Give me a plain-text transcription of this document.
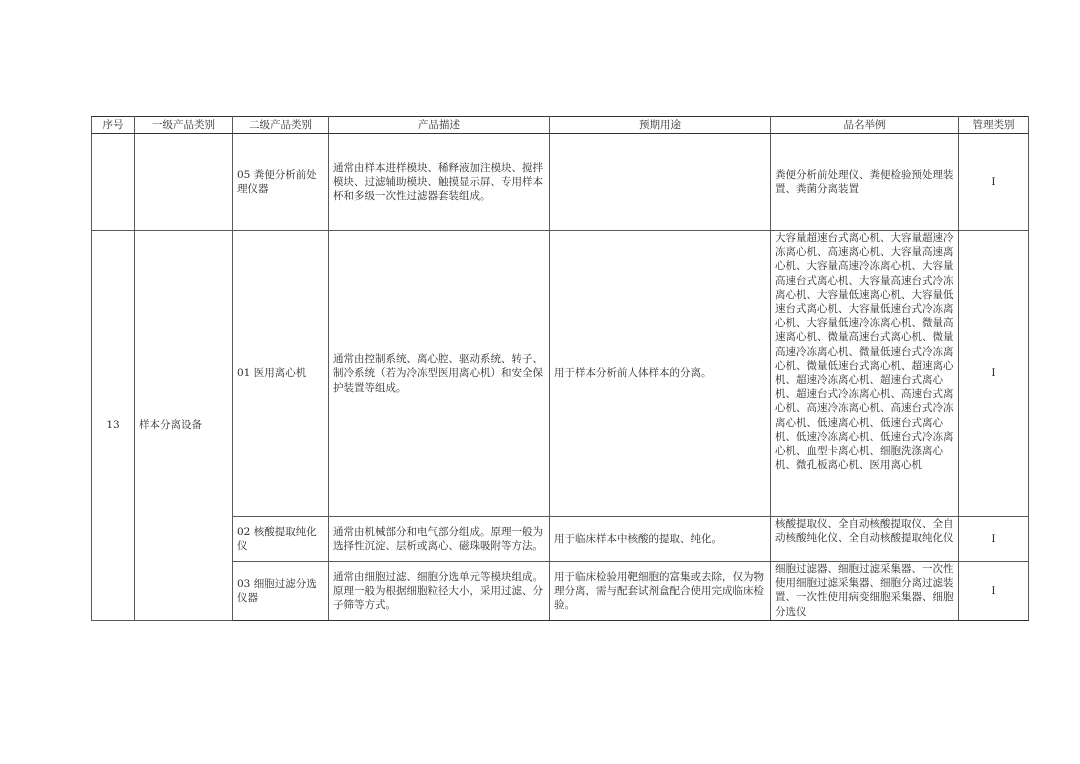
序号	一级产品类别	二级产品类别	产品描述	预期用途	品名举例	管理类别
		05 粪便分析前处理仪器	通常由样本进样模块、稀释液加注模块、搅拌模块、过滤辅助模块、触摸显示屏、专用样本杯和多级一次性过滤器套装组成。		粪便分析前处理仪、粪便检验预处理装置、粪菌分离装置	I
13	样本分离设备	01 医用离心机	通常由控制系统、离心腔、驱动系统、转子、制冷系统（若为冷冻型医用离心机）和安全保护装置等组成。	用于样本分析前人体样本的分离。	大容量超速台式离心机、大容量超速冷冻离心机、高速离心机、大容量高速离心机、大容量高速冷冻离心机、大容量高速台式离心机、大容量高速台式冷冻离心机、大容量低速离心机、大容量低速台式离心机、大容量低速台式冷冻离心机、大容量低速冷冻离心机、微量高速离心机、微量高速台式离心机、微量高速冷冻离心机、微量低速台式冷冻离心机、微量低速台式离心机、超速离心机、超速冷冻离心机、超速台式离心机、超速台式冷冻离心机、高速台式离心机、高速冷冻离心机、高速台式冷冻离心机、低速离心机、低速台式离心机、低速冷冻离心机、低速台式冷冻离心机、血型卡离心机、细胞洗涤离心机、微孔板离心机、医用离心机	I
		02 核酸提取纯化仪	通常由机械部分和电气部分组成。原理一般为选择性沉淀、层析或离心、磁珠吸附等方法。	用于临床样本中核酸的提取、纯化。	核酸提取仪、全自动核酸提取仪、全自动核酸纯化仪、全自动核酸提取纯化仪	I
		03 细胞过滤分选仪器	通常由细胞过滤、细胞分选单元等模块组成。原理一般为根据细胞粒径大小，采用过滤、分子筛等方式。	用于临床检验用靶细胞的富集或去除，仅为物理分离，需与配套试剂盒配合使用完成临床检验。	细胞过滤器、细胞过滤采集器、一次性使用细胞过滤采集器、细胞分离过滤装置、一次性使用病变细胞采集器、细胞分选仪	I
